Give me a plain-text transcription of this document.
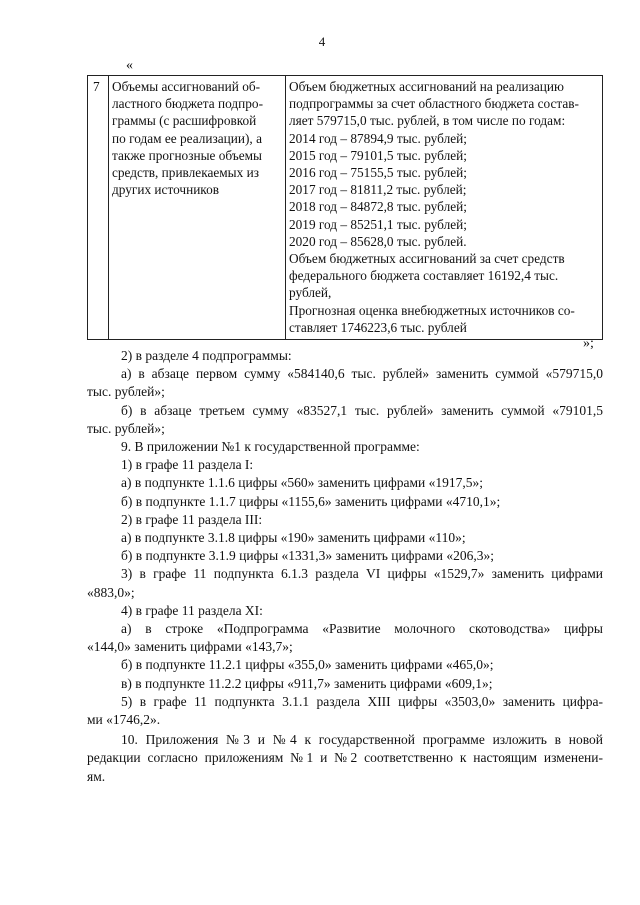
4
«
7	Объемы ассигнований об-
ластного бюджета подпро-
граммы (с расшифровкой
по годам ее реализации), а
также прогнозные объемы
средств, привлекаемых из
других источников

Объем бюджетных ассигнований на реализацию
подпрограммы за счет областного бюджета состав-
ляет 579715,0 тыс. рублей, в том числе по годам:
2014 год – 87894,9 тыс. рублей;
2015 год – 79101,5 тыс. рублей;
2016 год – 75155,5 тыс. рублей;
2017 год – 81811,2 тыс. рублей;
2018 год – 84872,8 тыс. рублей;
2019 год – 85251,1 тыс. рублей;
2020 год – 85628,0 тыс. рублей.
Объем бюджетных ассигнований за счет средств
федерального бюджета составляет 16192,4 тыс.
рублей,
Прогнозная оценка внебюджетных источников со-
ставляет 1746223,6 тыс. рублей
»;
2) в разделе 4 подпрограммы:
а) в абзаце первом сумму «584140,6 тыс. рублей» заменить суммой «579715,0
тыс. рублей»;
б) в абзаце третьем сумму «83527,1 тыс. рублей» заменить суммой «79101,5
тыс. рублей»;
9. В приложении №1 к государственной программе:
1) в графе 11 раздела I:
а) в подпункте 1.1.6 цифры «560» заменить цифрами «1917,5»;
б) в подпункте 1.1.7 цифры «1155,6» заменить цифрами «4710,1»;
2) в графе 11 раздела III:
а) в подпункте 3.1.8 цифры «190» заменить цифрами «110»;
б) в подпункте 3.1.9 цифры «1331,3» заменить цифрами «206,3»;
3) в графе 11 подпункта 6.1.3 раздела VI цифры «1529,7» заменить цифрами
«883,0»;
4) в графе 11 раздела XI:
а) в строке «Подпрограмма «Развитие молочного скотоводства» цифры
«144,0» заменить цифрами «143,7»;
б) в подпункте 11.2.1 цифры «355,0» заменить цифрами «465,0»;
в) в подпункте 11.2.2 цифры «911,7» заменить цифрами «609,1»;
5) в графе 11 подпункта 3.1.1 раздела XIII цифры «3503,0» заменить цифра-
ми «1746,2».
10. Приложения №3 и №4 к государственной программе изложить в новой
редакции согласно приложениям №1 и №2 соответственно к настоящим изменени-
ям.
